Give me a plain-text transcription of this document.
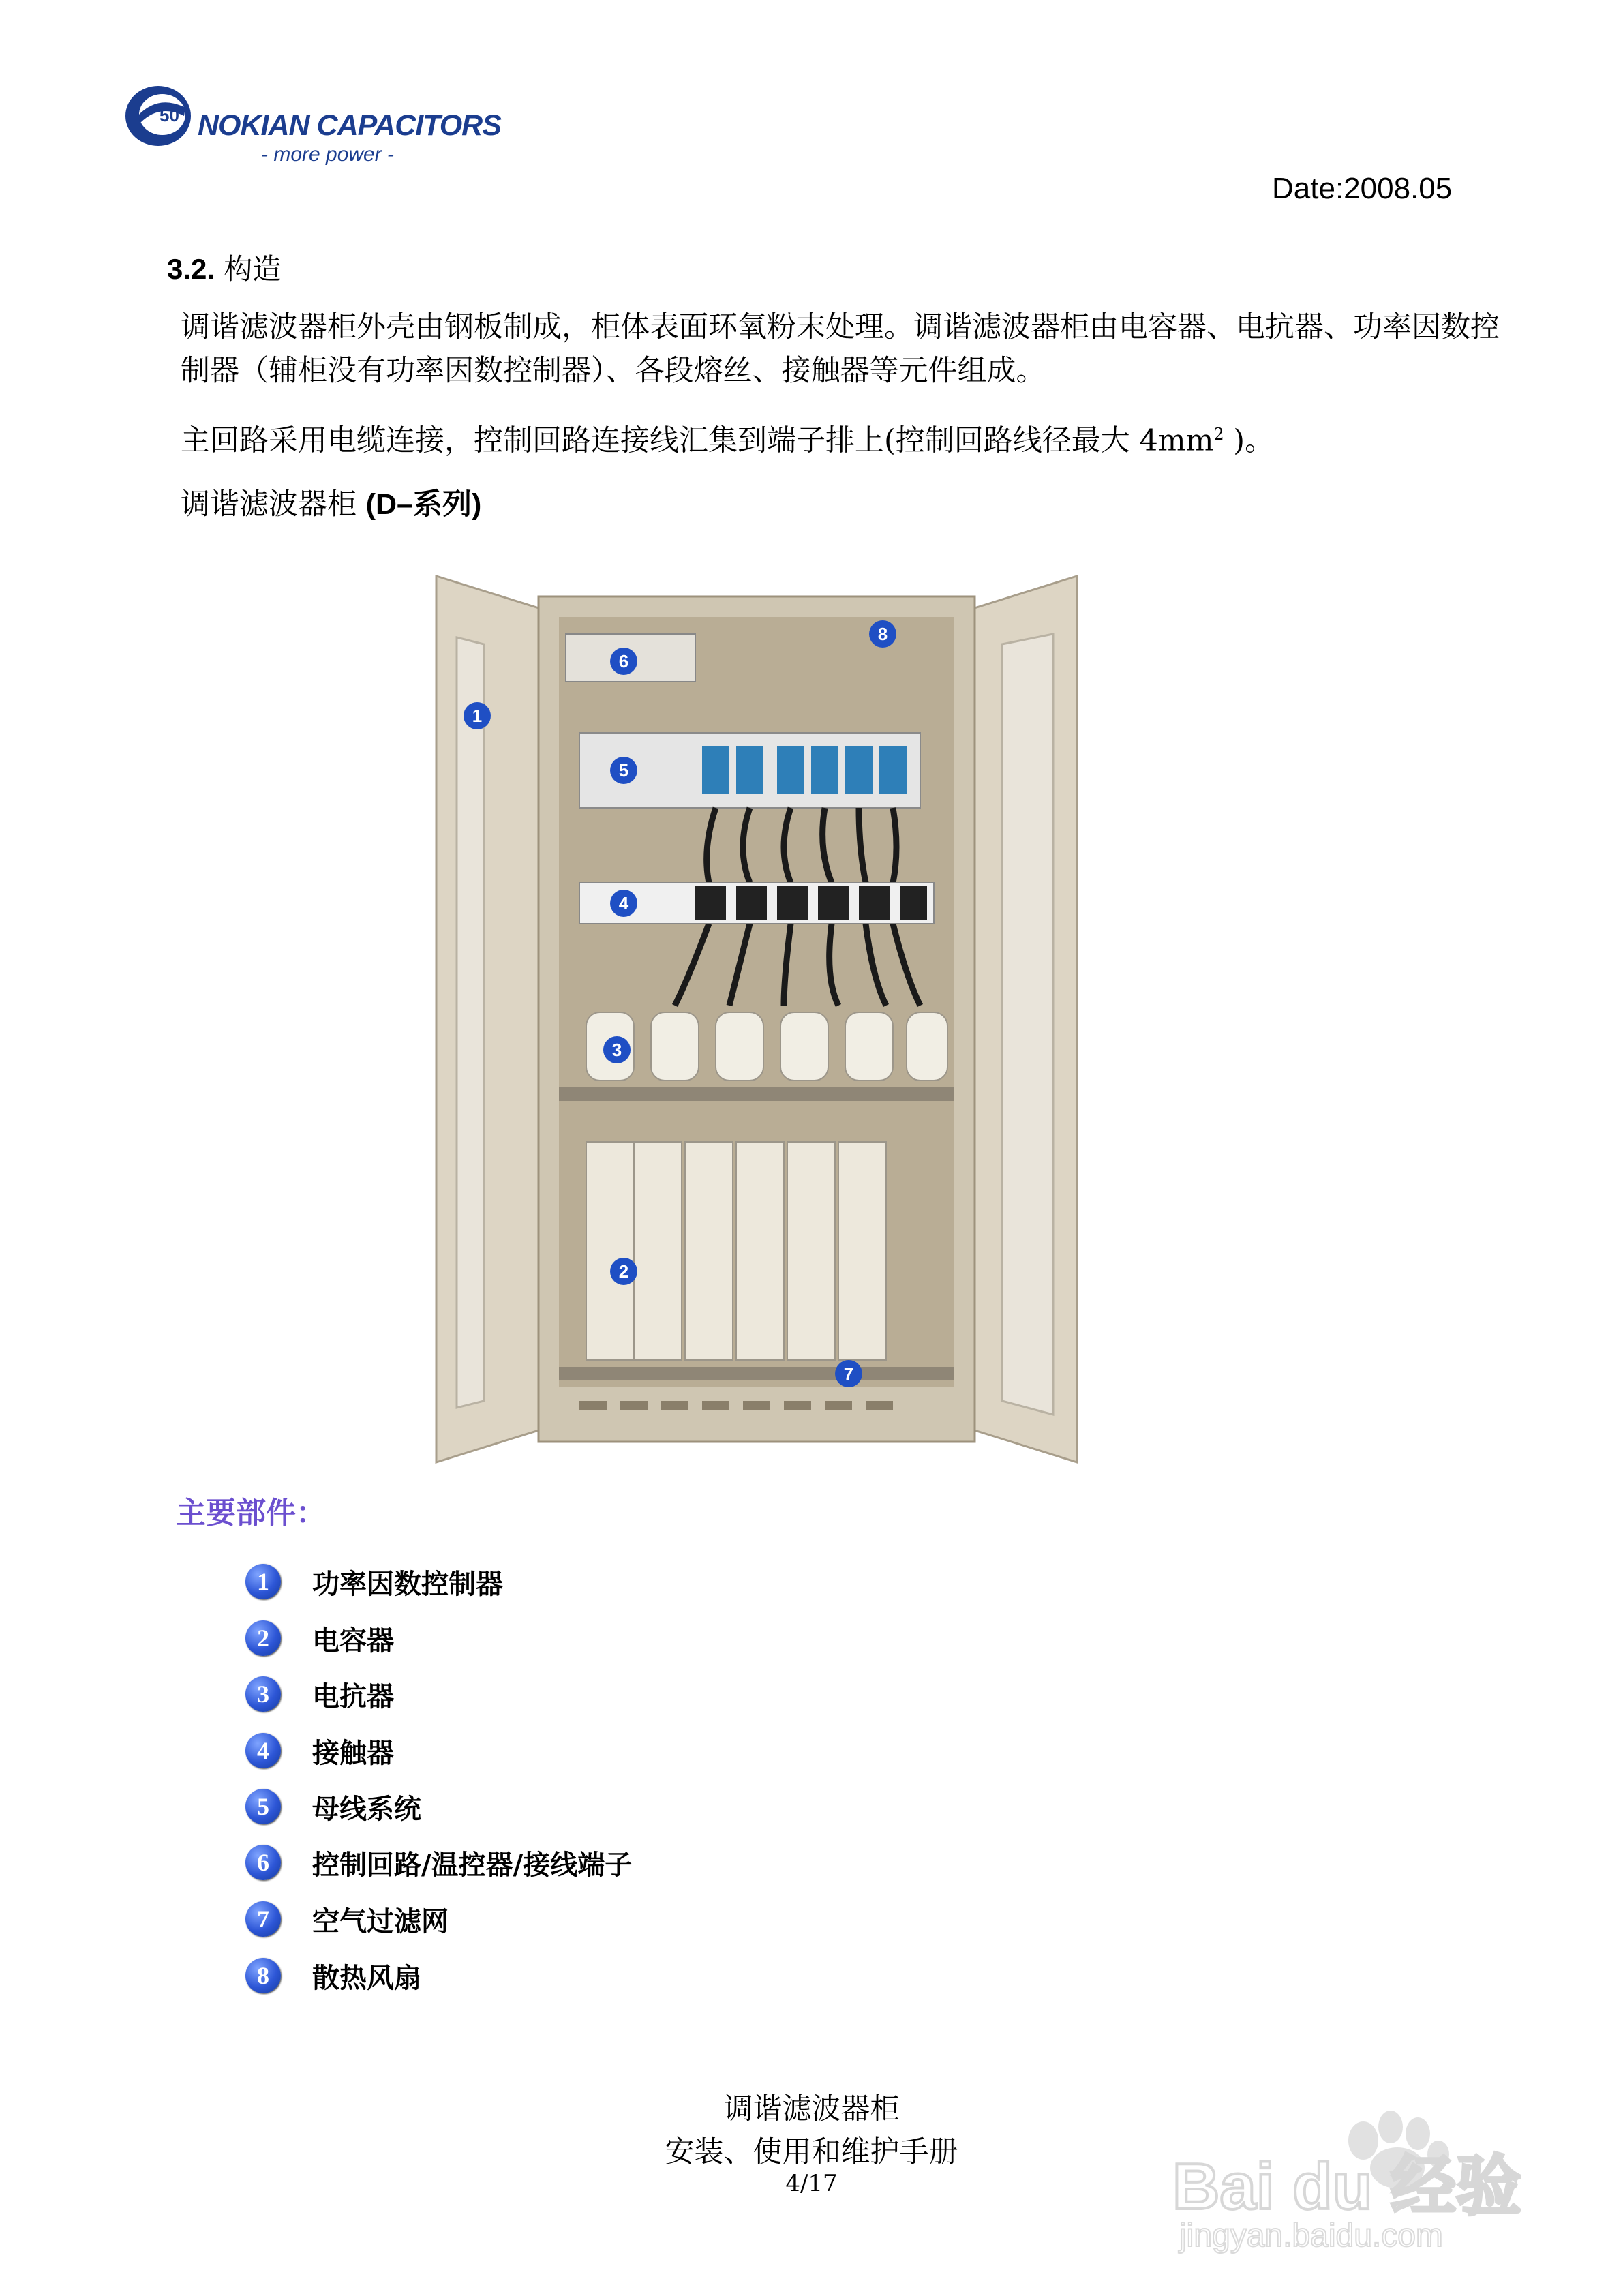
50 NOKIAN CAPACITORS
- more power -
Date:2008.05
3.2. 构造
调谐滤波器柜外壳由钢板制成，柜体表面环氧粉末处理。调谐滤波器柜由电容器、电抗器、功率因数控制器（辅柜没有功率因数控制器）、各段熔丝、接触器等元件组成。
主回路采用电缆连接，控制回路连接线汇集到端子排上(控制回路线径最大 $4mm^2$ )。
调谐滤波器柜 (D–系列)
1
2
3
4
5
6
7
8
主要部件：
1	功率因数控制器
2	电容器
3	电抗器
4	接触器
5	母线系统
6	控制回路/温控器/接线端子
7	空气过滤网
8	散热风扇
调谐滤波器柜
安装、使用和维护手册
4/17	Bai du 经验
jingyan.baidu.com
